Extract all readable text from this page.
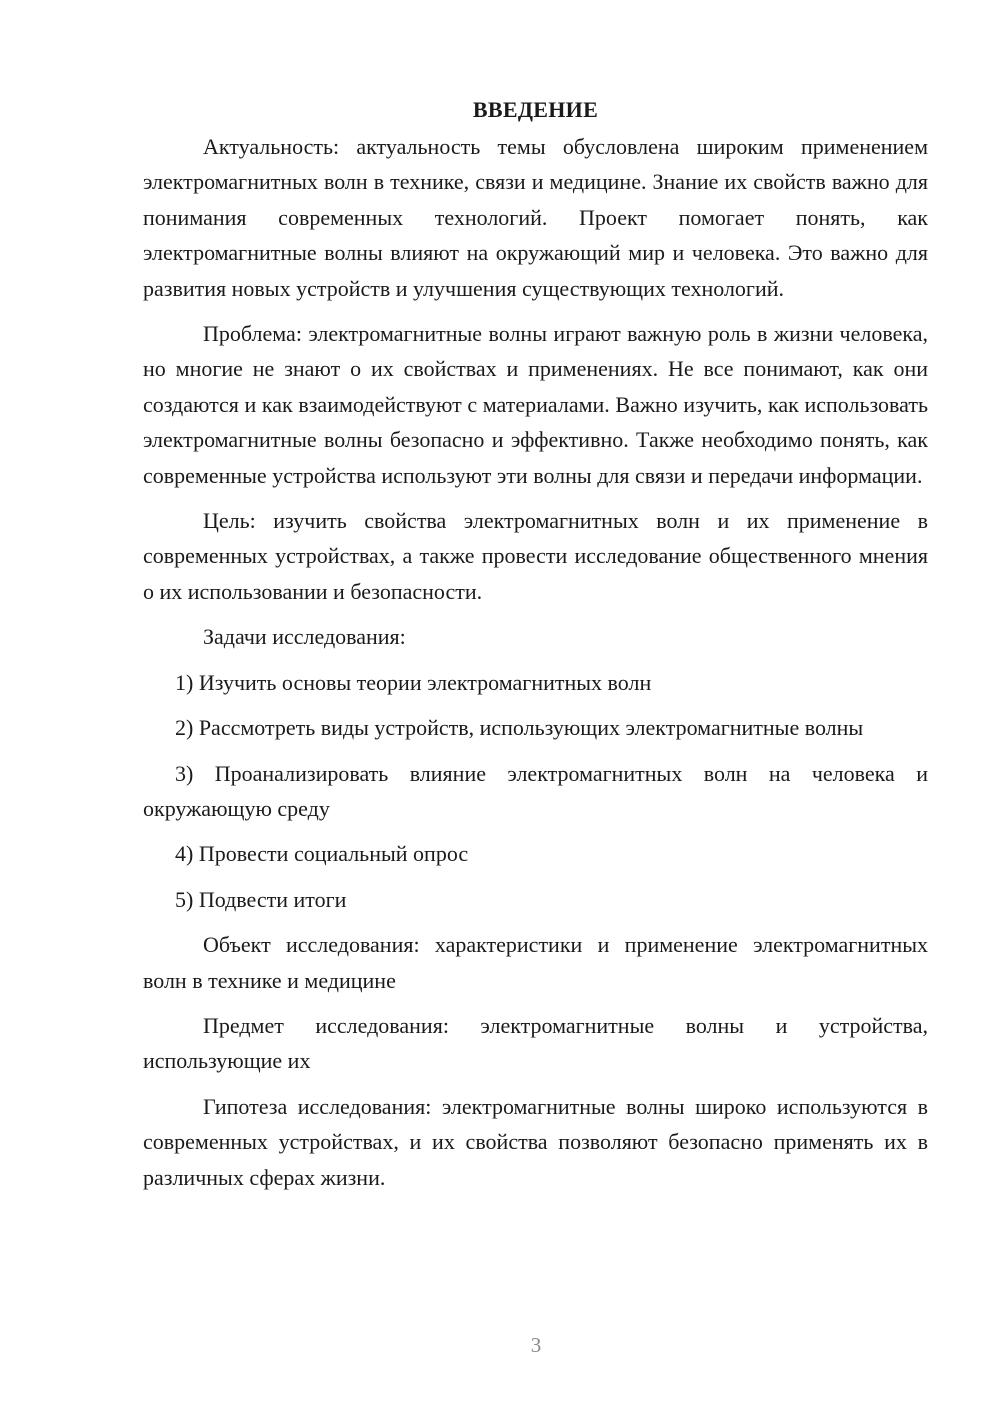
ВВЕДЕНИЕ

Актуальность: актуальность темы обусловлена широким применением электромагнитных волн в технике, связи и медицине. Знание их свойств важно для понимания современных технологий. Проект помогает понять, как электромагнитные волны влияют на окружающий мир и человека. Это важно для развития новых устройств и улучшения существующих технологий.

Проблема: электромагнитные волны играют важную роль в жизни человека, но многие не знают о их свойствах и применениях. Не все понимают, как они создаются и как взаимодействуют с материалами. Важно изучить, как использовать электромагнитные волны безопасно и эффективно. Также необходимо понять, как современные устройства используют эти волны для связи и передачи информации.

Цель: изучить свойства электромагнитных волн и их применение в современных устройствах, а также провести исследование общественного мнения о их использовании и безопасности.

Задачи исследования:

1) Изучить основы теории электромагнитных волн

2) Рассмотреть виды устройств, использующих электромагнитные волны

3) Проанализировать влияние электромагнитных волн на человека и окружающую среду

4) Провести социальный опрос

5) Подвести итоги

Объект исследования: характеристики и применение электромагнитных волн в технике и медицине

Предмет исследования: электромагнитные волны и устройства, использующие их

Гипотеза исследования: электромагнитные волны широко используются в современных устройствах, и их свойства позволяют безопасно применять их в различных сферах жизни.

3
